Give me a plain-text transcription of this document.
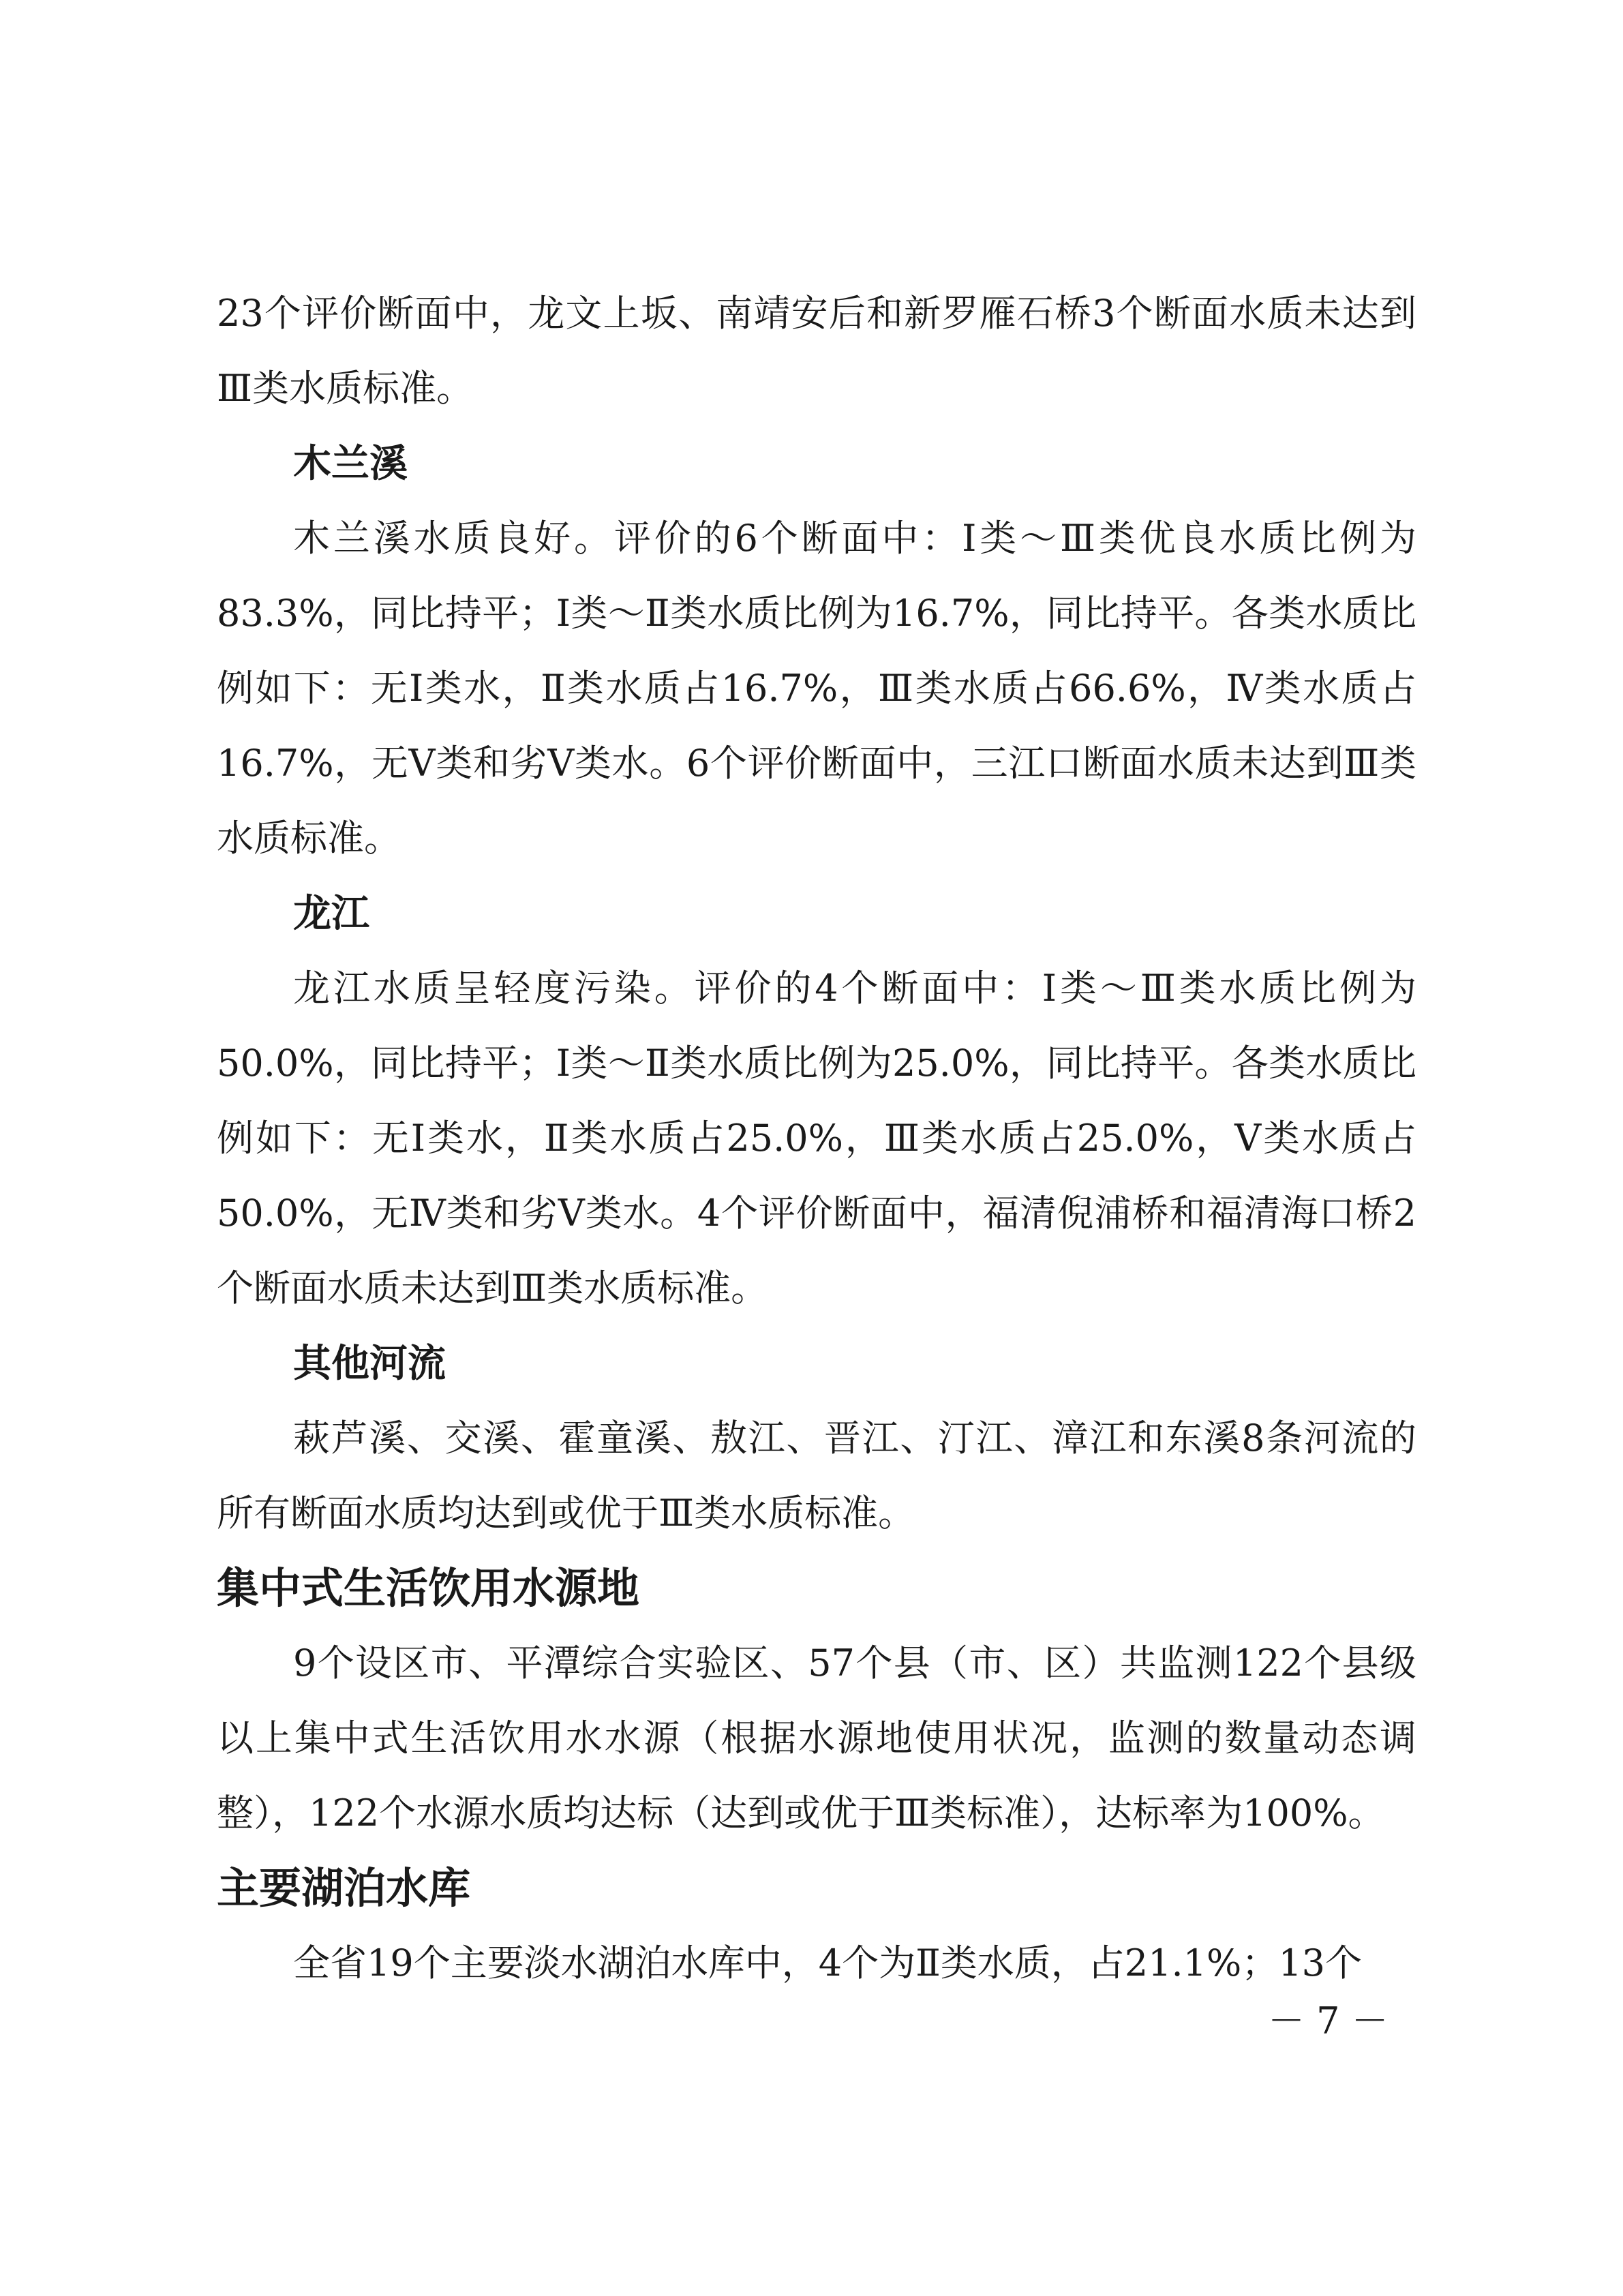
23个评价断面中，龙文上坂、南靖安后和新罗雁石桥3个断面水质未达到Ⅲ类水质标准。

木兰溪

木兰溪水质良好。评价的6个断面中：Ⅰ类～Ⅲ类优良水质比例为83.3%，同比持平；Ⅰ类～Ⅱ类水质比例为16.7%，同比持平。各类水质比例如下：无Ⅰ类水，Ⅱ类水质占16.7%，Ⅲ类水质占66.6%，Ⅳ类水质占16.7%，无Ⅴ类和劣Ⅴ类水。6个评价断面中，三江口断面水质未达到Ⅲ类水质标准。

龙江

龙江水质呈轻度污染。评价的4个断面中：Ⅰ类～Ⅲ类水质比例为50.0%，同比持平；Ⅰ类～Ⅱ类水质比例为25.0%，同比持平。各类水质比例如下：无Ⅰ类水，Ⅱ类水质占25.0%，Ⅲ类水质占25.0%，Ⅴ类水质占50.0%，无Ⅳ类和劣Ⅴ类水。4个评价断面中，福清倪浦桥和福清海口桥2个断面水质未达到Ⅲ类水质标准。

其他河流

萩芦溪、交溪、霍童溪、敖江、晋江、汀江、漳江和东溪8条河流的所有断面水质均达到或优于Ⅲ类水质标准。

集中式生活饮用水源地

9个设区市、平潭综合实验区、57个县（市、区）共监测122个县级以上集中式生活饮用水水源（根据水源地使用状况，监测的数量动态调整），122个水源水质均达标（达到或优于Ⅲ类标准），达标率为100%。

主要湖泊水库

全省19个主要淡水湖泊水库中，4个为Ⅱ类水质，占21.1%；13个

－ 7 －
